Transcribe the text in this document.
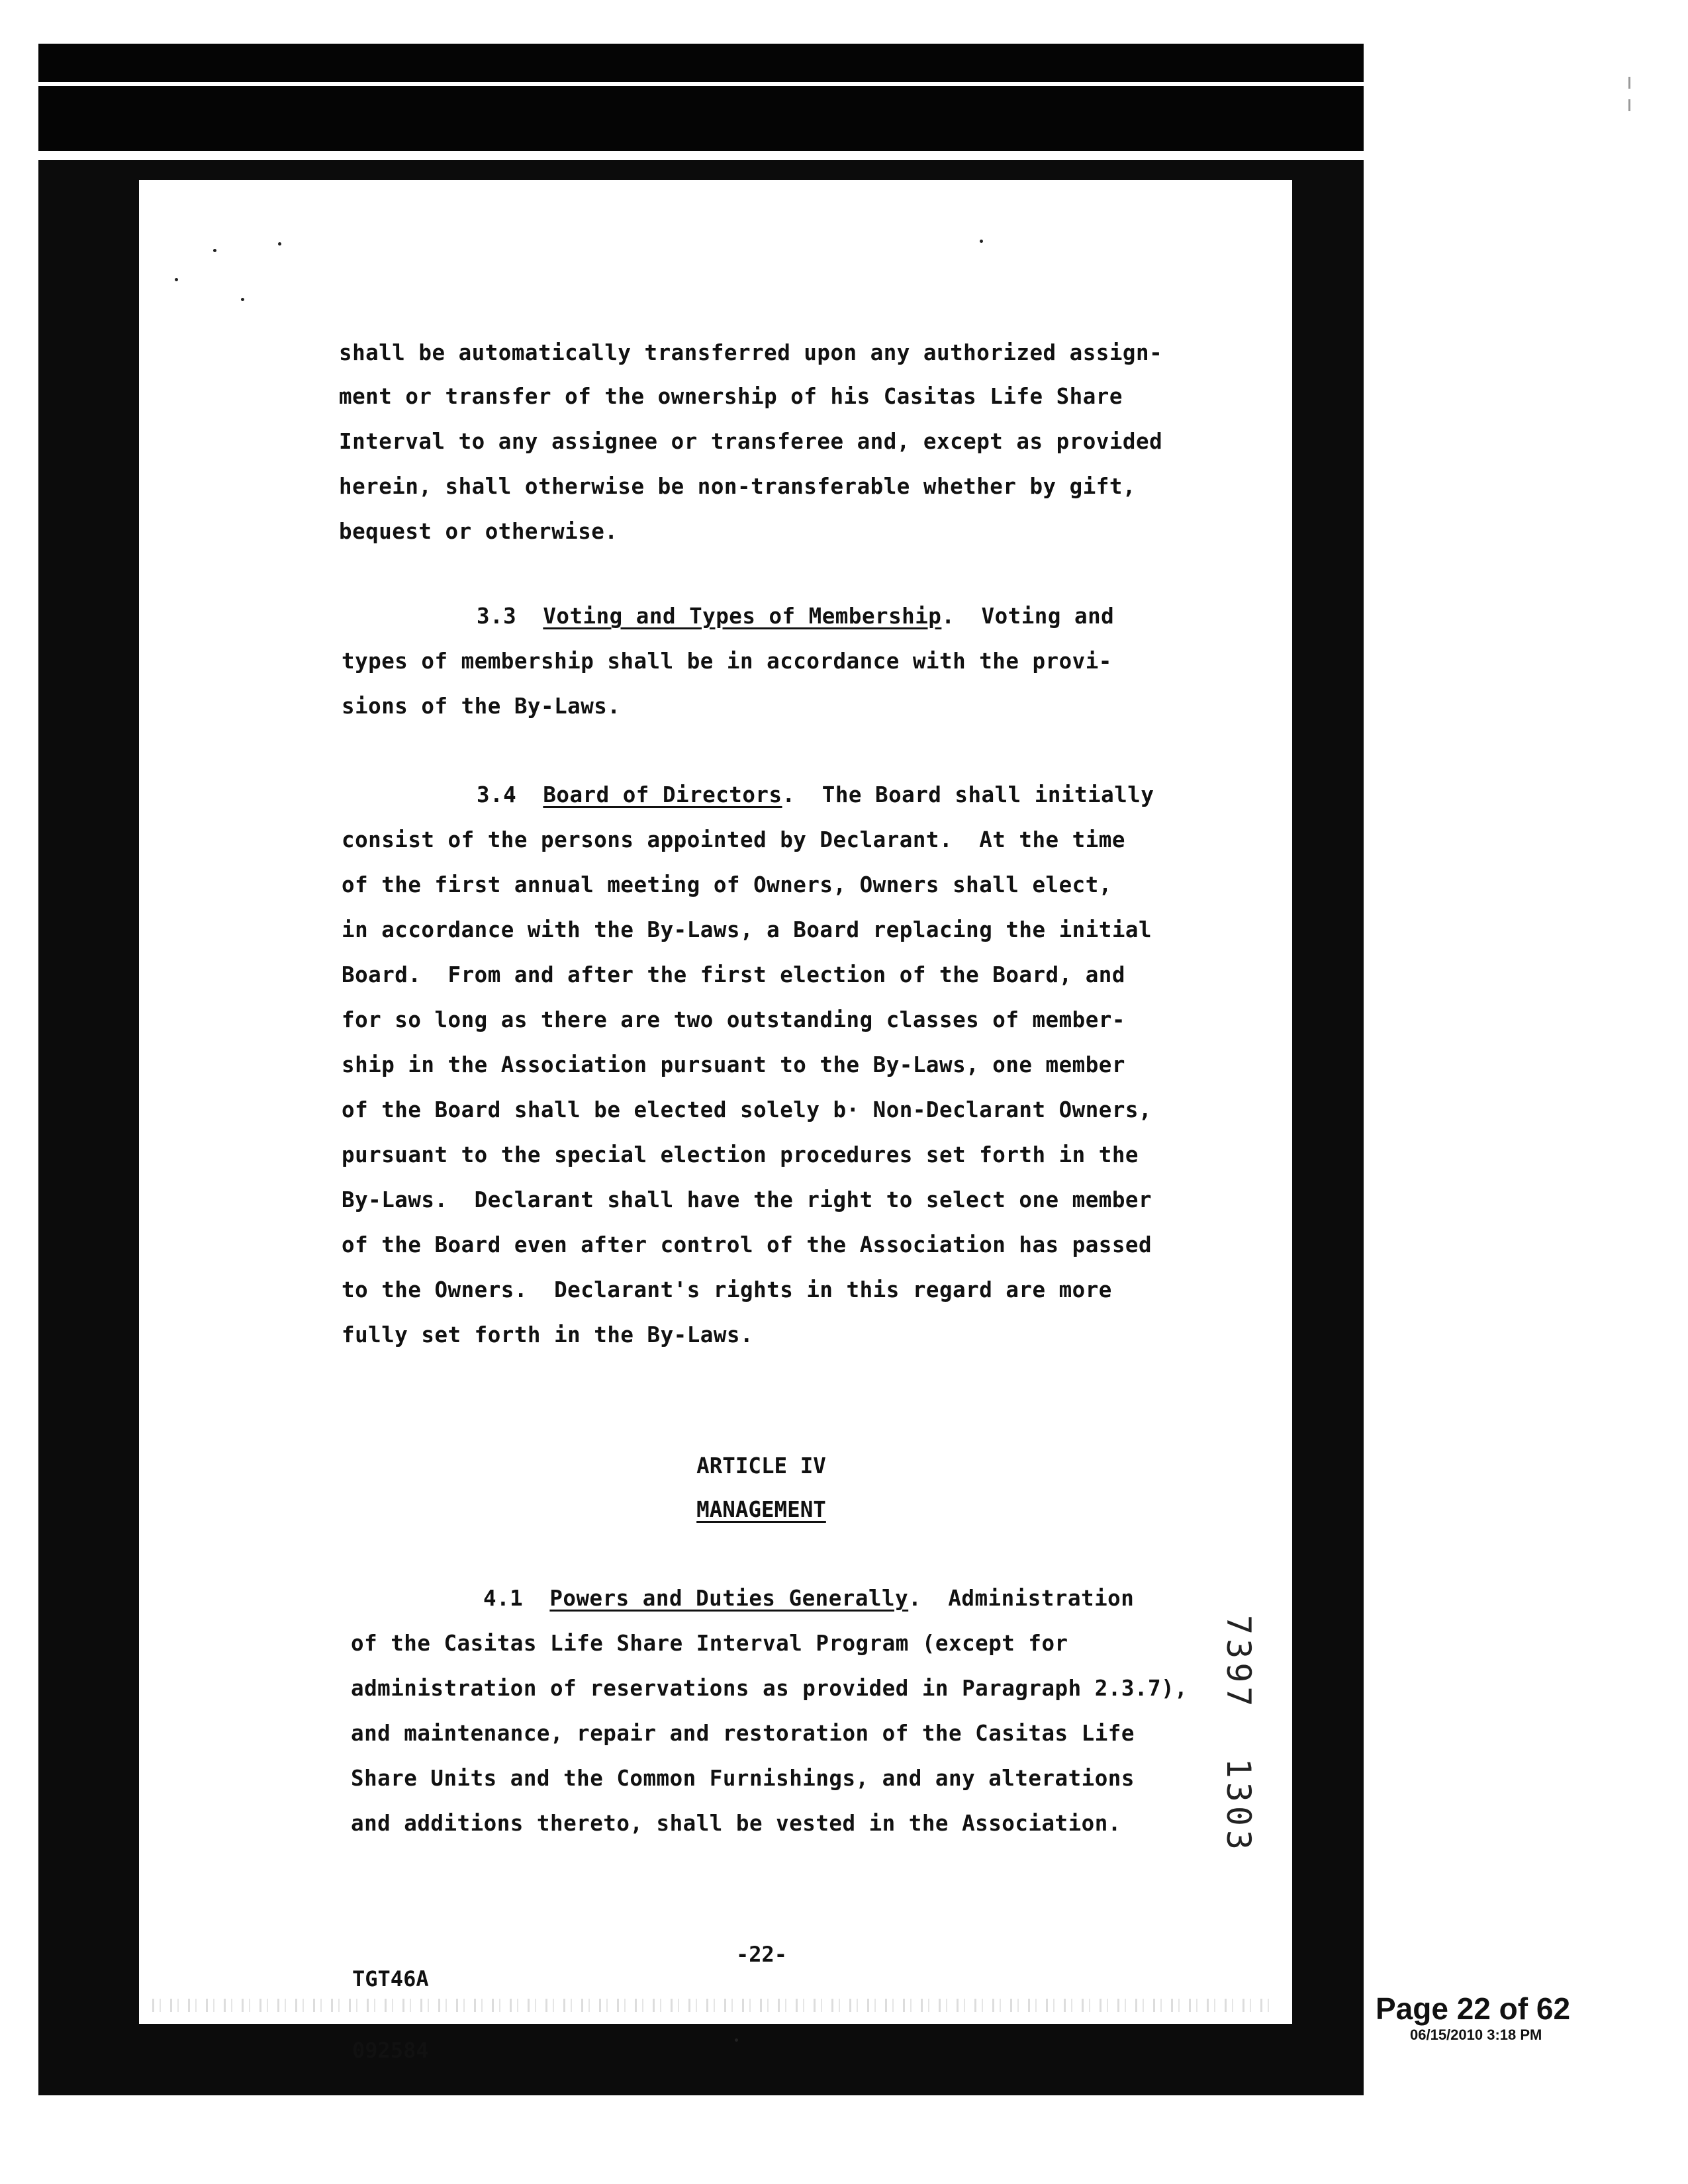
shall be automatically transferred upon any authorized assign-
ment or transfer of the ownership of his Casitas Life Share
Interval to any assignee or transferee and, except as provided
herein, shall otherwise be non-transferable whether by gift,
bequest or otherwise.
3.3 Voting and Types of Membership.  Voting and
types of membership shall be in accordance with the provi-
sions of the By-Laws.
3.4 Board of Directors.  The Board shall initially
consist of the persons appointed by Declarant.  At the time
of the first annual meeting of Owners, Owners shall elect,
in accordance with the By-Laws, a Board replacing the initial
Board.  From and after the first election of the Board, and
for so long as there are two outstanding classes of member-
ship in the Association pursuant to the By-Laws, one member
of the Board shall be elected solely b· Non-Declarant Owners,
pursuant to the special election procedures set forth in the
By-Laws.  Declarant shall have the right to select one member
of the Board even after control of the Association has passed
to the Owners.  Declarant's rights in this regard are more
fully set forth in the By-Laws.
ARTICLE IV
MANAGEMENT
4.1 Powers and Duties Generally.  Administration
of the Casitas Life Share Interval Program (except for
administration of reservations as provided in Paragraph 2.3.7),
and maintenance, repair and restoration of the Casitas Life
Share Units and the Common Furnishings, and any alterations
and additions thereto, shall be vested in the Association.	7397  1303

TGT46A

092584

-22-
Page 22 of 62
06/15/2010 3:18 PM
